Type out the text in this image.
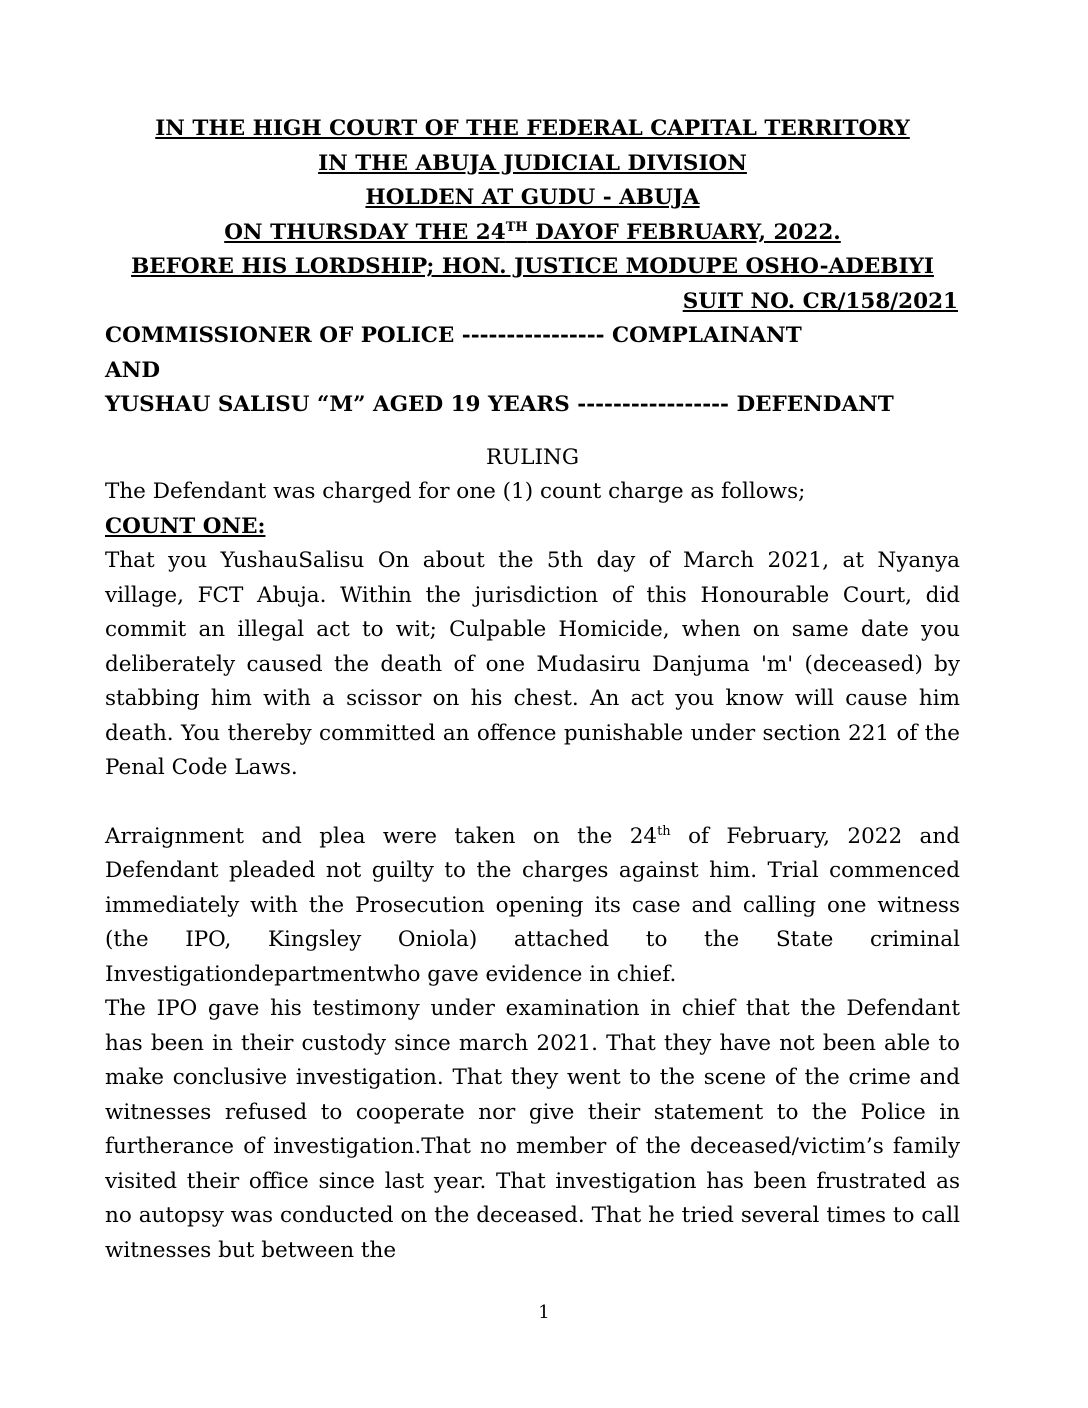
IN THE HIGH COURT OF THE FEDERAL CAPITAL TERRITORY
IN THE ABUJA JUDICIAL DIVISION
HOLDEN AT GUDU - ABUJA
ON THURSDAY THE 24TH DAYOF FEBRUARY, 2022.
BEFORE HIS LORDSHIP; HON. JUSTICE MODUPE OSHO-ADEBIYI
SUIT NO. CR/158/2021
COMMISSIONER OF POLICE ---------------- COMPLAINANT
AND
YUSHAU SALISU “M” AGED 19 YEARS ----------------- DEFENDANT
RULING
The Defendant was charged for one (1) count charge as follows;
COUNT ONE:
That you YushauSalisu On about the 5th day of March 2021, at Nyanya village, FCT Abuja. Within the jurisdiction of this Honourable Court, did commit an illegal act to wit; Culpable Homicide, when on same date you deliberately caused the death of one Mudasiru Danjuma 'm' (deceased) by stabbing him with a scissor on his chest. An act you know will cause him death. You thereby committed an offence punishable under section 221 of the Penal Code Laws.
Arraignment and plea were taken on the 24th of February, 2022 and Defendant pleaded not guilty to the charges against him. Trial commenced immediately with the Prosecution opening its case and calling one witness (the IPO, Kingsley Oniola) attached to the State criminal Investigationdepartmentwho gave evidence in chief.
The IPO gave his testimony under examination in chief that the Defendant has been in their custody since march 2021. That they have not been able to make conclusive investigation. That they went to the scene of the crime and witnesses refused to cooperate nor give their statement to the Police in furtherance of investigation.That no member of the deceased/victim’s family visited their office since last year. That investigation has been frustrated as no autopsy was conducted on the deceased. That he tried several times to call witnesses but between the
1
